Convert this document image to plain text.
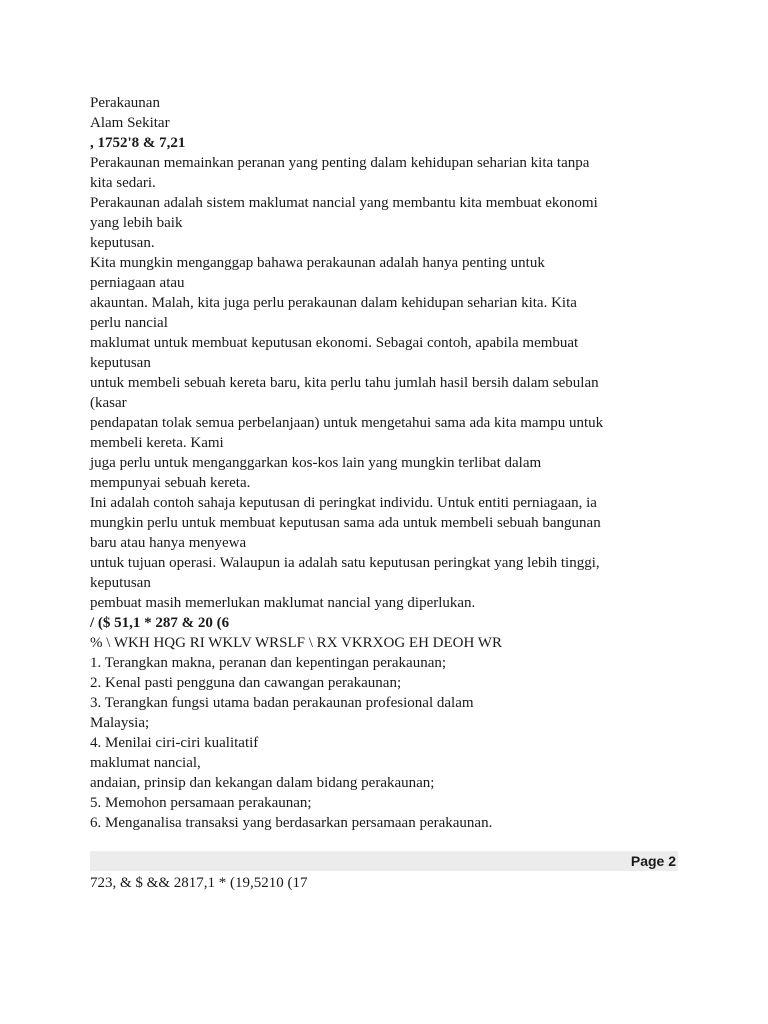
Perakaunan
Alam Sekitar
, 1752'8 & 7,21
Perakaunan memainkan peranan yang penting dalam kehidupan seharian kita tanpa
kita sedari.
Perakaunan adalah sistem maklumat nancial yang membantu kita membuat ekonomi
yang lebih baik
keputusan.
Kita mungkin menganggap bahawa perakaunan adalah hanya penting untuk
perniagaan atau
akauntan. Malah, kita juga perlu perakaunan dalam kehidupan seharian kita. Kita
perlu nancial
maklumat untuk membuat keputusan ekonomi. Sebagai contoh, apabila membuat
keputusan
untuk membeli sebuah kereta baru, kita perlu tahu jumlah hasil bersih dalam sebulan
(kasar
pendapatan tolak semua perbelanjaan) untuk mengetahui sama ada kita mampu untuk
membeli kereta. Kami
juga perlu untuk menganggarkan kos-kos lain yang mungkin terlibat dalam
mempunyai sebuah kereta.
Ini adalah contoh sahaja keputusan di peringkat individu. Untuk entiti perniagaan, ia
mungkin perlu untuk membuat keputusan sama ada untuk membeli sebuah bangunan
baru atau hanya menyewa
untuk tujuan operasi. Walaupun ia adalah satu keputusan peringkat yang lebih tinggi,
keputusan
pembuat masih memerlukan maklumat nancial yang diperlukan.
/ ($ 51,1 * 287 & 20 (6
% \ WKH HQG RI WKLV WRSLF \ RX VKRXOG EH DEOH WR
1. Terangkan makna, peranan dan kepentingan perakaunan;
2. Kenal pasti pengguna dan cawangan perakaunan;
3. Terangkan fungsi utama badan perakaunan profesional dalam
Malaysia;
4. Menilai ciri-ciri kualitatif
maklumat nancial,
andaian, prinsip dan kekangan dalam bidang perakaunan;
5. Memohon persamaan perakaunan;
6. Menganalisa transaksi yang berdasarkan persamaan perakaunan.
Page 2
723, & $ && 2817,1 * (19,5210 (17
